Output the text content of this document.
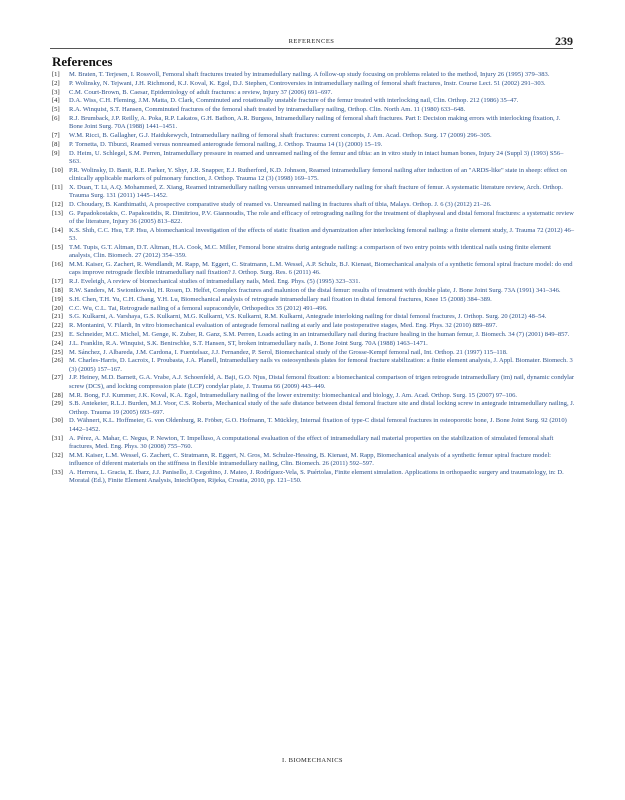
REFERENCES	239
References
[1]	M. Braten, T. Terjesen, I. Rossvoll, Femoral shaft fractures treated by intramedullary nailing. A follow-up study focusing on problems related to the method, Injury 26 (1995) 379–383.
[2]	P. Wolinsky, N. Tejwani, J.H. Richmond, K.J. Koval, K. Egol, D.J. Stephen, Controversies in intramedullary nailing of femoral shaft fractures, Instr. Course Lect. 51 (2002) 291–303.
[3]	C.M. Court-Brown, B. Caesar, Epidemiology of adult fractures: a review, Injury 37 (2006) 691–697.
[4]	D.A. Wiss, C.H. Fleming, J.M. Matta, D. Clark, Comminuted and rotationally unstable fracture of the femur treated with interlocking nail, Clin. Orthop. 212 (1986) 35–47.
[5]	R.A. Winquist, S.T. Hansen, Comminuted fractures of the femoral shaft treated by intramedullary nailing, Orthop. Clin. North Am. 11 (1980) 633–648.
[6]	R.J. Brumback, J.P. Reilly, A. Poka, R.P. Lakatos, G.H. Bathon, A.R. Burgess, Intramedullary nailing of femoral shaft fractures. Part I: Decision making errors with interlocking fixation, J. Bone Joint Surg. 70A (1988) 1441–1451.
[7]	W.M. Ricci, B. Gallagher, G.J. Haidukewych, Intramedullary nailing of femoral shaft fractures: current concepts, J. Am. Acad. Orthop. Surg. 17 (2009) 296–305.
[8]	P. Tornetta, D. Tiburzi, Reamed versus nonreamed anterograde femoral nailing, J. Orthop. Trauma 14 (1) (2000) 15–19.
[9]	D. Heim, U. Schlegel, S.M. Perren, Intramedullary pressure in reamed and unreamed nailing of the femur and tibia: an in vitro study in intact human bones, Injury 24 (Suppl 3) (1993) S56–S63.
[10] P.R. Wolinsky, D. Banit, R.E. Parker, Y. Shyr, J.R. Snapper, E.J. Rutherford, K.D. Johnson, Reamed intramedullary femoral nailing after induction of an "ARDS-like" state in sheep: effect on clinically applicable markers of pulmonary function, J. Orthop. Trauma 12 (3) (1998) 169–175.
[11] X. Duan, T. Li, A.Q. Mohammed, Z. Xiang, Reamed intramedullary nailing versus unreamed intramedullary nailing for shaft fracture of femur. A systematic literature review, Arch. Orthop. Trauma Surg. 131 (2011) 1445–1452.
[12] D. Choudary, B. Kanthimathi, A prospective comparative study of reamed vs. Unreamed nailing in fractures shaft of tibia, Malays. Orthop. J. 6 (3) (2012) 21–26.
[13] G. Papadokostakis, C. Papakostidis, R. Dimitriou, P.V. Giannoudis, The role and efficacy of retrograding nailing for the treatment of diaphyseal and distal femoral fractures: a systematic review of the literature, Injury 36 (2005) 813–822.
[14] K.S. Shih, C.C. Hsu, T.P. Hsu, A biomechanical investigation of the effects of static fixation and dynamization after interlocking femoral nailing: a finite element study, J. Trauma 72 (2012) 46–53.
[15] T.M. Tupis, G.T. Altman, D.T. Altman, H.A. Cook, M.C. Miller, Femoral bone strains durig antegrade nailing: a comparison of two entry points with identical nails using finite element analysis, Clin. Biomech. 27 (2012) 354–359.
[16] M.M. Kaiser, G. Zachert, R. Wendlandt, M. Rapp, M. Eggert, C. Stratmann, L.M. Wessel, A.P. Schulz, B.J. Kienast, Biomechanical analysis of a synthetic femoral spiral fracture model: do end caps improve retrograde flexible intramedullary nail fixation? J. Orthop. Surg. Res. 6 (2011) 46.
[17] R.J. Eveleigh, A review of biomechanical studies of intramedullary nails, Med. Eng. Phys. (5) (1995) 323–331.
[18] R.W. Sanders, M. Swiontkowski, H. Rosen, D. Helfet, Complex fractures and malunion of the distal femur: results of treatment with double plate, J. Bone Joint Surg. 73A (1991) 341–346.
[19] S.H. Chen, T.H. Yu, C.H. Chang, Y.H. Lu, Biomechanical analysis of retrograde intramedullary nail fixation in distal femoral fractures, Knee 15 (2008) 384–389.
[20] C.C. Wu, C.L. Tai, Retrograde nailing of a femoral supracondyle, Orthopedics 35 (2012) 491–496.
[21] S.G. Kulkarni, A. Varshaya, G.S. Kulkarni, M.G. Kulkarni, V.S. Kulkarni, R.M. Kulkarni, Antegrade interloking nailing for distal femoral fractures, J. Orthop. Surg. 20 (2012) 48–54.
[22] R. Montanini, V. Filardi, In vitro biomechanical evaluation of antegrade femoral nailing at early and late postoperative stages, Med. Eng. Phys. 32 (2010) 889–897.
[23] E. Schneider, M.C. Michel, M. Genge, K. Zuber, R. Ganz, S.M. Perren, Loads acting in an intramedullary nail during fracture healing in the human femur, J. Biomech. 34 (7) (2001) 849–857.
[24] J.L. Franklin, R.A. Winquist, S.K. Benirschke, S.T. Hansen, ST, broken intramedullary nails, J. Bone Joint Surg. 70A (1988) 1463–1471.
[25] M. Sánchez, J. Albareda, J.M. Cardona, I. Fuentelsaz, J.J. Fernandez, P. Serol, Biomechanical study of the Grosse-Kempf femoral nail, Int. Orthop. 21 (1997) 115–118.
[26] M. Charles-Harris, D. Lacroix, I. Proubasta, J.A. Planell, Intramedullary nails vs osteosynthesis plates for femoral fracture stabilization: a finite element analysis, J. Appl. Biomater. Biomech. 3 (3) (2005) 157–167.
[27] J.P. Heiney, M.D. Barnett, G.A. Vrabe, A.J. Schoenfeld, A. Baji, G.O. Njus, Distal femoral fixation: a biomechanical comparison of trigen retrograde intramedullary (im) nail, dynamic condylar screw (DCS), and locking compression plate (LCP) condylar plate, J. Trauma 66 (2009) 443–449.
[28] M.R. Bong, F.J. Kummer, J.K. Koval, K.A. Egol, Intramedullary nailing of the lower extremity: biomechanical and biology, J. Am. Acad. Orthop. Surg. 15 (2007) 97–106.
[29] S.B. Antekeier, R.L.J. Burden, M.J. Voor, C.S. Roberts, Mechanical study of the safe distance between distal femoral fracture site and distal locking screw in antegrade intramedullary nailing, J. Orthop. Trauma 19 (2005) 693–697.
[30] D. Wähnert, K.L. Hoffmeier, G. von Oldenburg, R. Fröber, G.O. Hofmann, T. Mückley, Internal fixation of type-C distal femoral fractures in osteoporotic bone, J. Bone Joint Surg. 92 (2010) 1442–1452.
[31] A. Pérez, A. Mahar, C. Negus, P. Newton, T. Impelluso, A computational evaluation of the effect of intramedullary nail material properties on the stabilization of simulated femoral shaft fractures, Med. Eng. Phys. 30 (2008) 755–760.
[32] M.M. Kaiser, L.M. Wessel, G. Zachert, C. Stratmann, R. Eggert, N. Gros, M. Schulze-Hessing, B. Kienast, M. Rapp, Biomechanical analysis of a synthetic femur spiral fracture model: influence of diferent materials on the stiffness in flexible intramedullary nailing, Clin. Biomech. 26 (2011) 592–597.
[33] A. Herrera, L. Gracia, E. Ibarz, J.J. Panisello, J. Cegoñino, J. Mateo, J. Rodríguez-Vela, S. Puértolas, Finite element simulation. Applications in orthopaedic surgery and traumatology, in: D. Moratal (Ed.), Finite Element Analysis, IntechOpen, Rijeka, Croatia, 2010, pp. 121–150.
I. BIOMECHANICS
